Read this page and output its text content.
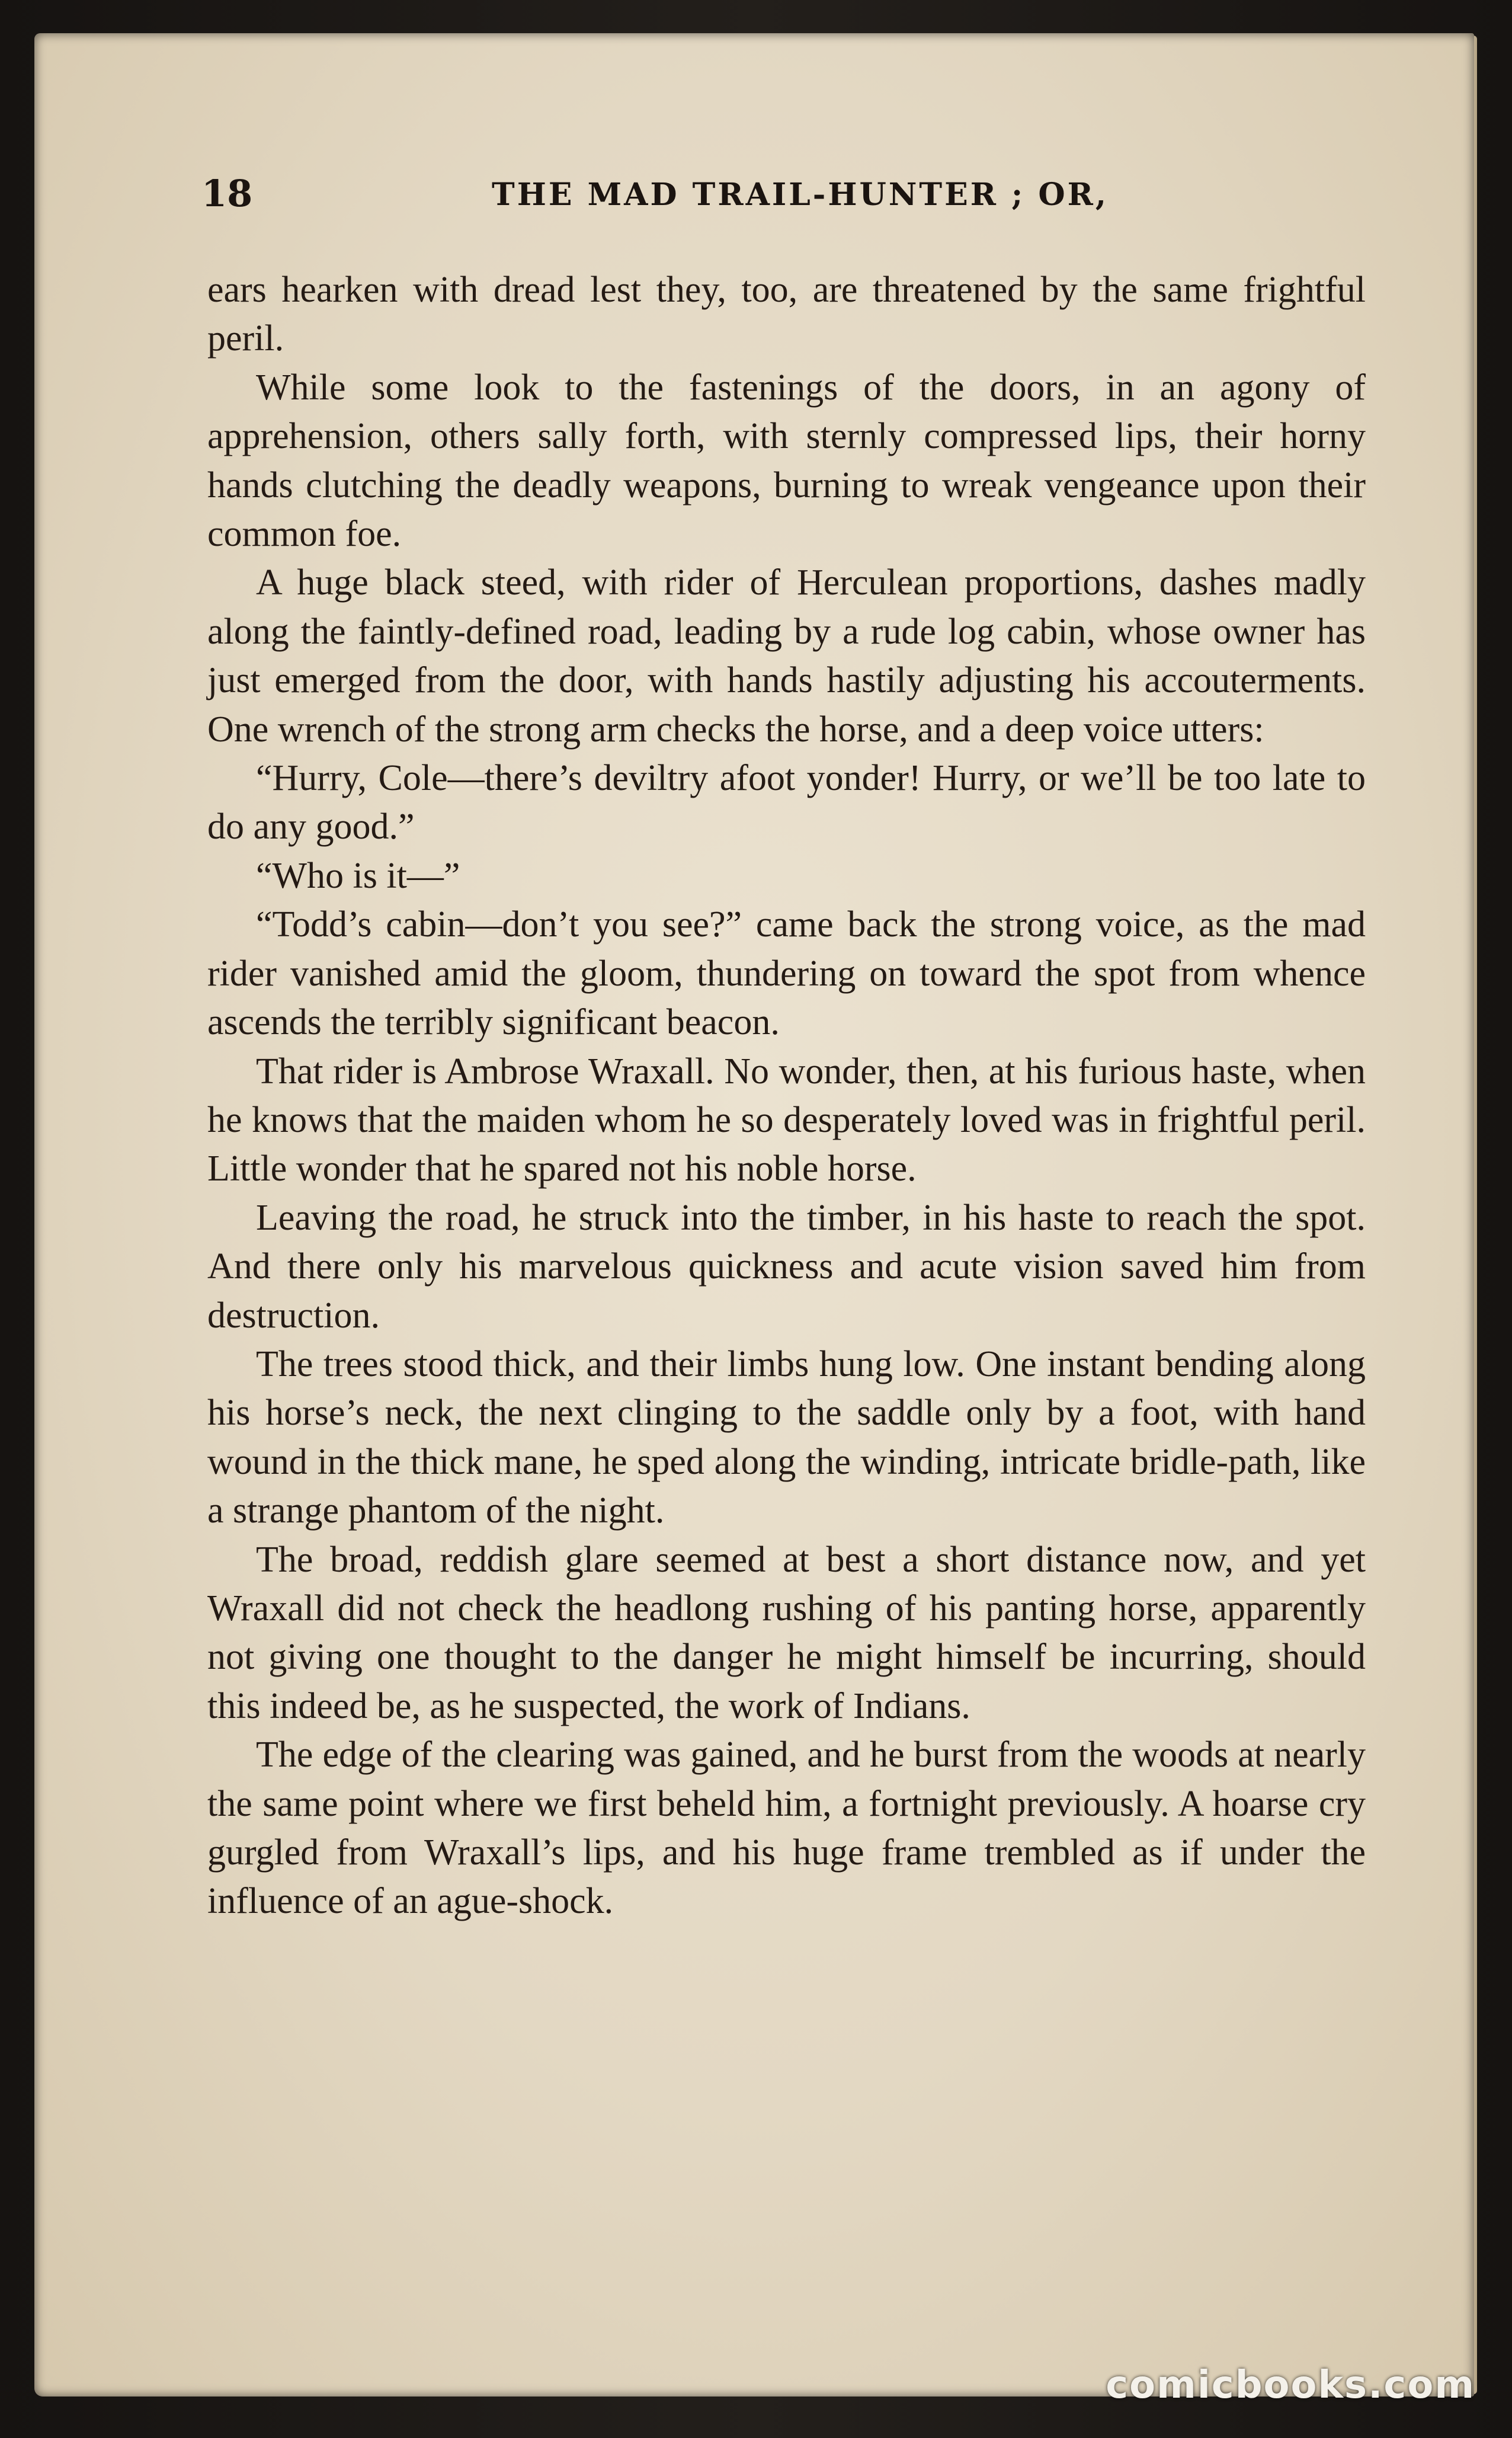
18	THE MAD TRAIL-HUNTER ; OR,

ears hearken with dread lest they, too, are threatened by the same frightful peril.

While some look to the fastenings of the doors, in an agony of apprehension, others sally forth, with sternly compressed lips, their horny hands clutching the deadly weapons, burning to wreak vengeance upon their common foe.

A huge black steed, with rider of Herculean proportions, dashes madly along the faintly-defined road, leading by a rude log cabin, whose owner has just emerged from the door, with hands hastily adjusting his accouterments. One wrench of the strong arm checks the horse, and a deep voice utters:

“Hurry, Cole—there’s deviltry afoot yonder! Hurry, or we’ll be too late to do any good.”

“Who is it—”

“Todd’s cabin—don’t you see?” came back the strong voice, as the mad rider vanished amid the gloom, thundering on toward the spot from whence ascends the terribly significant beacon.

That rider is Ambrose Wraxall. No wonder, then, at his furious haste, when he knows that the maiden whom he so desperately loved was in frightful peril. Little wonder that he spared not his noble horse.

Leaving the road, he struck into the timber, in his haste to reach the spot. And there only his marvelous quickness and acute vision saved him from destruction.

The trees stood thick, and their limbs hung low. One instant bending along his horse’s neck, the next clinging to the saddle only by a foot, with hand wound in the thick mane, he sped along the winding, intricate bridle-path, like a strange phantom of the night.

The broad, reddish glare seemed at best a short distance now, and yet Wraxall did not check the headlong rushing of his panting horse, apparently not giving one thought to the danger he might himself be incurring, should this indeed be, as he suspected, the work of Indians.

The edge of the clearing was gained, and he burst from the woods at nearly the same point where we first beheld him, a fortnight previously. A hoarse cry gurgled from Wraxall’s lips, and his huge frame trembled as if under the influence of an ague-shock.

comicbooks.com
